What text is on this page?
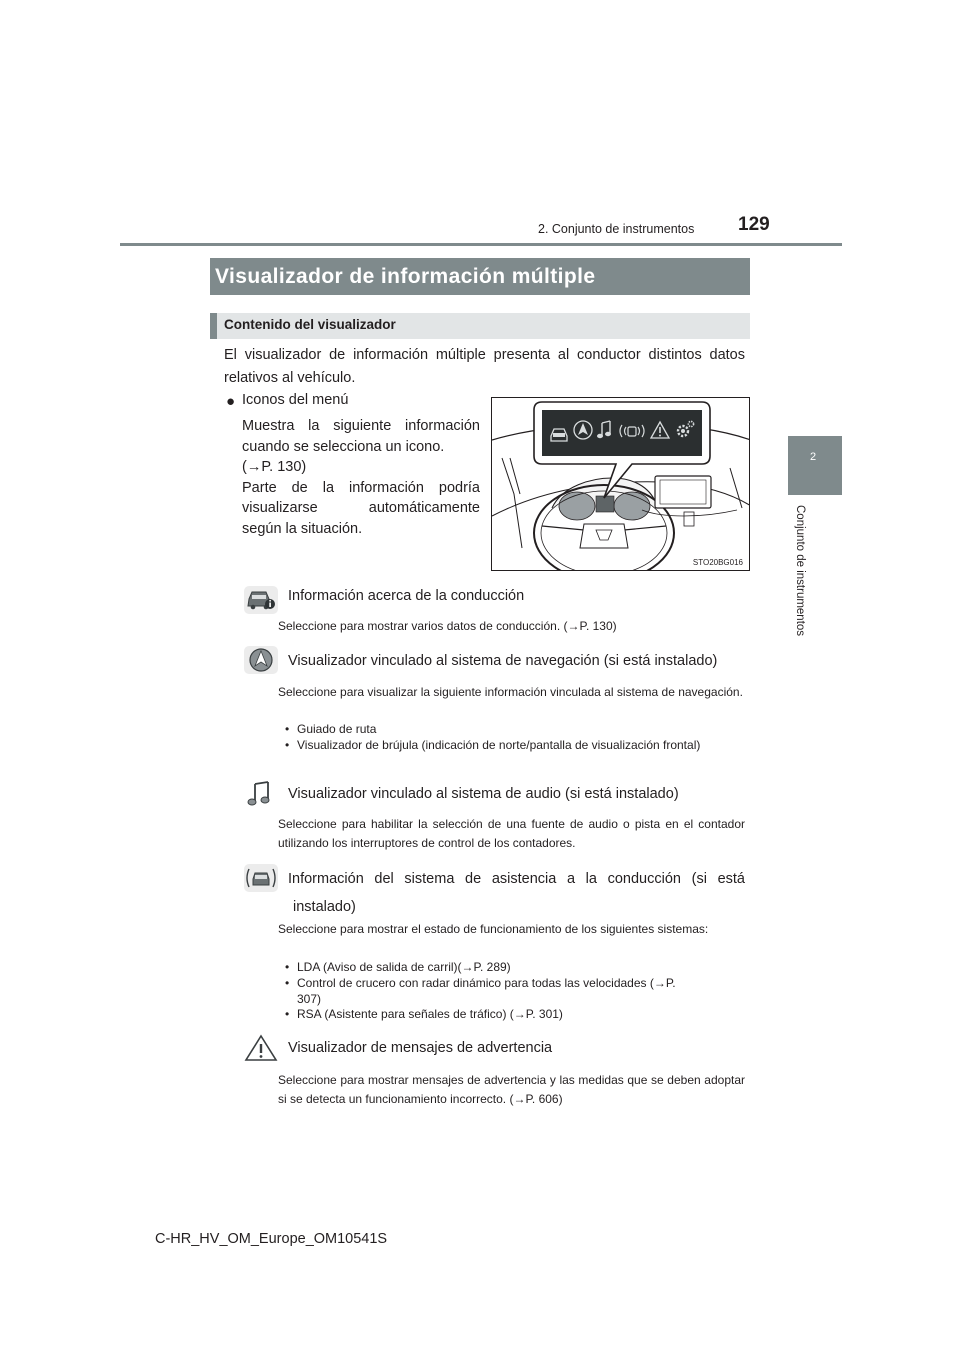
129
2. Conjunto de instrumentos
2
Conjunto de instrumentos
Visualizador de información múltiple
Contenido del visualizador
El visualizador de información múltiple presenta al conductor distintos datos relativos al vehículo.
● Iconos del menú
Muestra la siguiente información
cuando se selecciona un icono.
(→P. 130)
Parte de la información podría
visualizarse automáticamente
según la situación.
STO20BG016
Información acerca de la conducción
Seleccione para mostrar varios datos de conducción. (→P. 130)
Visualizador vinculado al sistema de navegación (si está instalado)
Seleccione para visualizar la siguiente información vinculada al sistema de navegación.
• Guiado de ruta
• Visualizador de brújula (indicación de norte/pantalla de visualización frontal)
Visualizador vinculado al sistema de audio (si está instalado)
Seleccione para habilitar la selección de una fuente de audio o pista en el contador utilizando los interruptores de control de los contadores.
Información del sistema de asistencia a la conducción (si está
instalado)
Seleccione para mostrar el estado de funcionamiento de los siguientes sistemas:
• LDA (Aviso de salida de carril)(→P. 289)
• Control de crucero con radar dinámico para todas las velocidades (→P. 307)
• RSA (Asistente para señales de tráfico) (→P. 301)
Visualizador de mensajes de advertencia
Seleccione para mostrar mensajes de advertencia y las medidas que se deben adoptar si se detecta un funcionamiento incorrecto. (→P. 606)
C-HR_HV_OM_Europe_OM10541S
